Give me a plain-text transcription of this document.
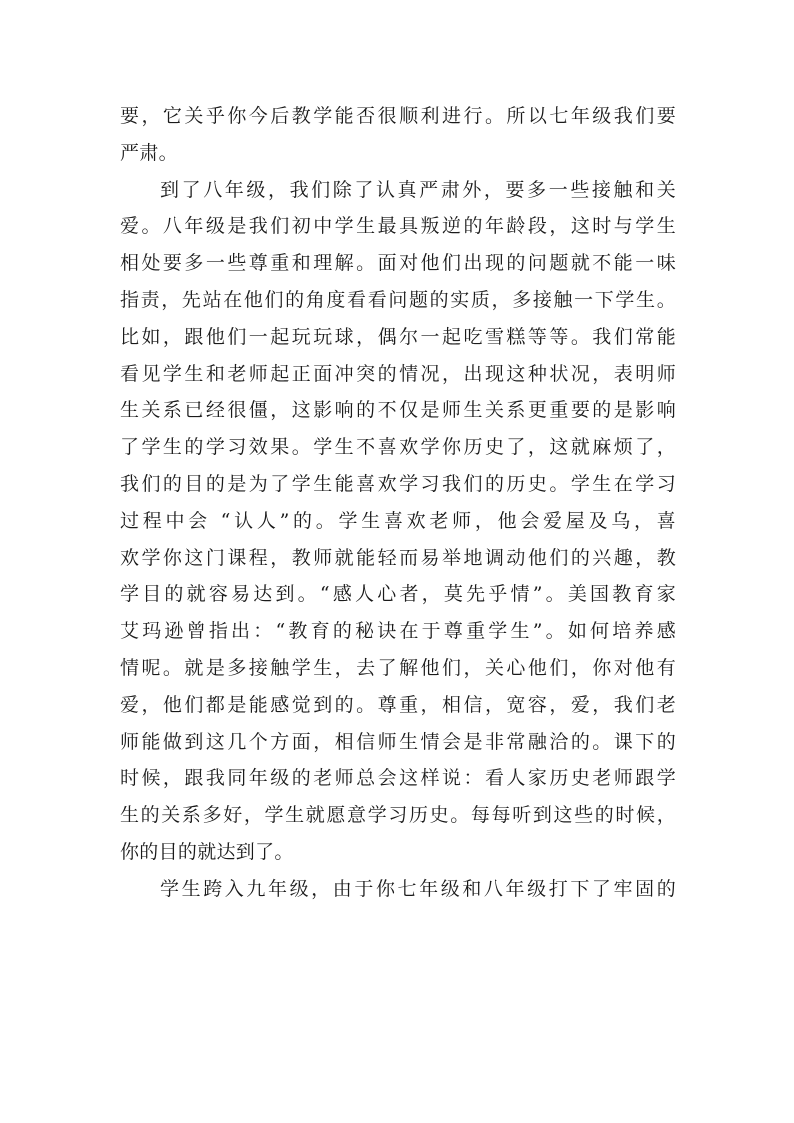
要，它关乎你今后教学能否很顺利进行。所以七年级我们要
严肃。
到了八年级，我们除了认真严肃外，要多一些接触和关
爱。八年级是我们初中学生最具叛逆的年龄段，这时与学生
相处要多一些尊重和理解。面对他们出现的问题就不能一味
指责，先站在他们的角度看看问题的实质，多接触一下学生。
比如，跟他们一起玩玩球，偶尔一起吃雪糕等等。我们常能
看见学生和老师起正面冲突的情况，出现这种状况，表明师
生关系已经很僵，这影响的不仅是师生关系更重要的是影响
了学生的学习效果。学生不喜欢学你历史了，这就麻烦了，
我们的目的是为了学生能喜欢学习我们的历史。学生在学习
过程中会 “认人”的。学生喜欢老师，他会爱屋及乌，喜
欢学你这门课程，教师就能轻而易举地调动他们的兴趣，教
学目的就容易达到。“感人心者，莫先乎情”。美国教育家
艾玛逊曾指出：“教育的秘诀在于尊重学生”。如何培养感
情呢。就是多接触学生，去了解他们，关心他们，你对他有
爱，他们都是能感觉到的。尊重，相信，宽容，爱，我们老
师能做到这几个方面，相信师生情会是非常融洽的。课下的
时候，跟我同年级的老师总会这样说：看人家历史老师跟学
生的关系多好，学生就愿意学习历史。每每听到这些的时候，
你的目的就达到了。
学生跨入九年级，由于你七年级和八年级打下了牢固的
